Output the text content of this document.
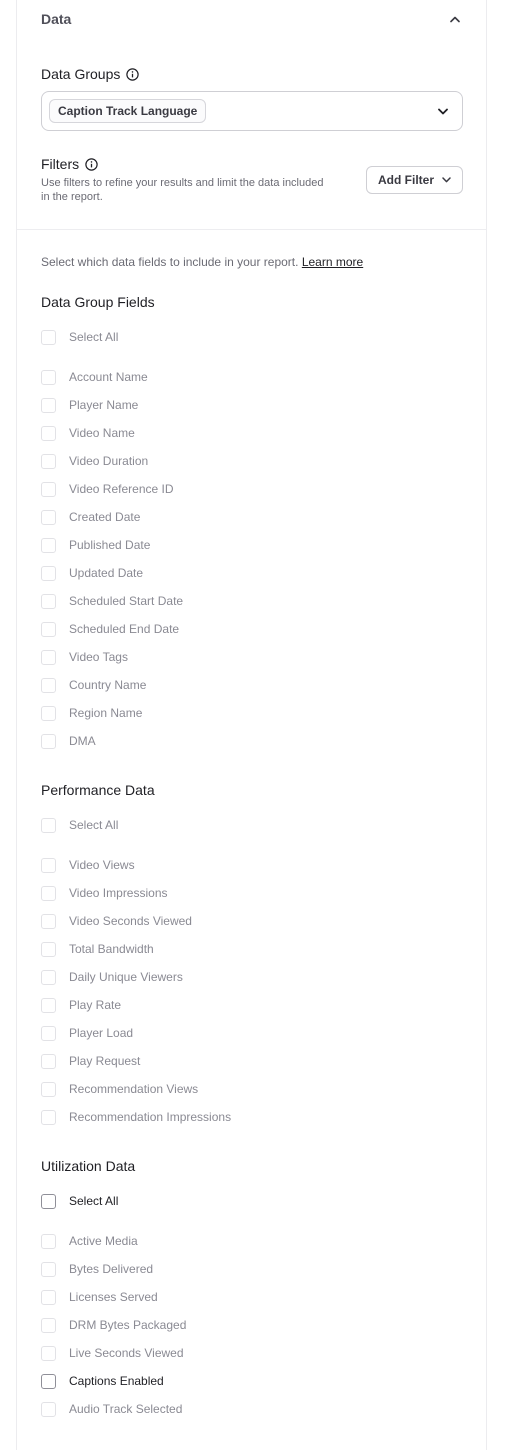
Data
Data Groups
Caption Track Language
Filters
Use filters to refine your results and limit the data included in the report.
Add Filter
Select which data fields to include in your report. Learn more
Data Group Fields
Select All
Account Name
Player Name
Video Name
Video Duration
Video Reference ID
Created Date
Published Date
Updated Date
Scheduled Start Date
Scheduled End Date
Video Tags
Country Name
Region Name
DMA
Performance Data
Select All
Video Views
Video Impressions
Video Seconds Viewed
Total Bandwidth
Daily Unique Viewers
Play Rate
Player Load
Play Request
Recommendation Views
Recommendation Impressions
Utilization Data
Select All
Active Media
Bytes Delivered
Licenses Served
DRM Bytes Packaged
Live Seconds Viewed
Captions Enabled
Audio Track Selected
